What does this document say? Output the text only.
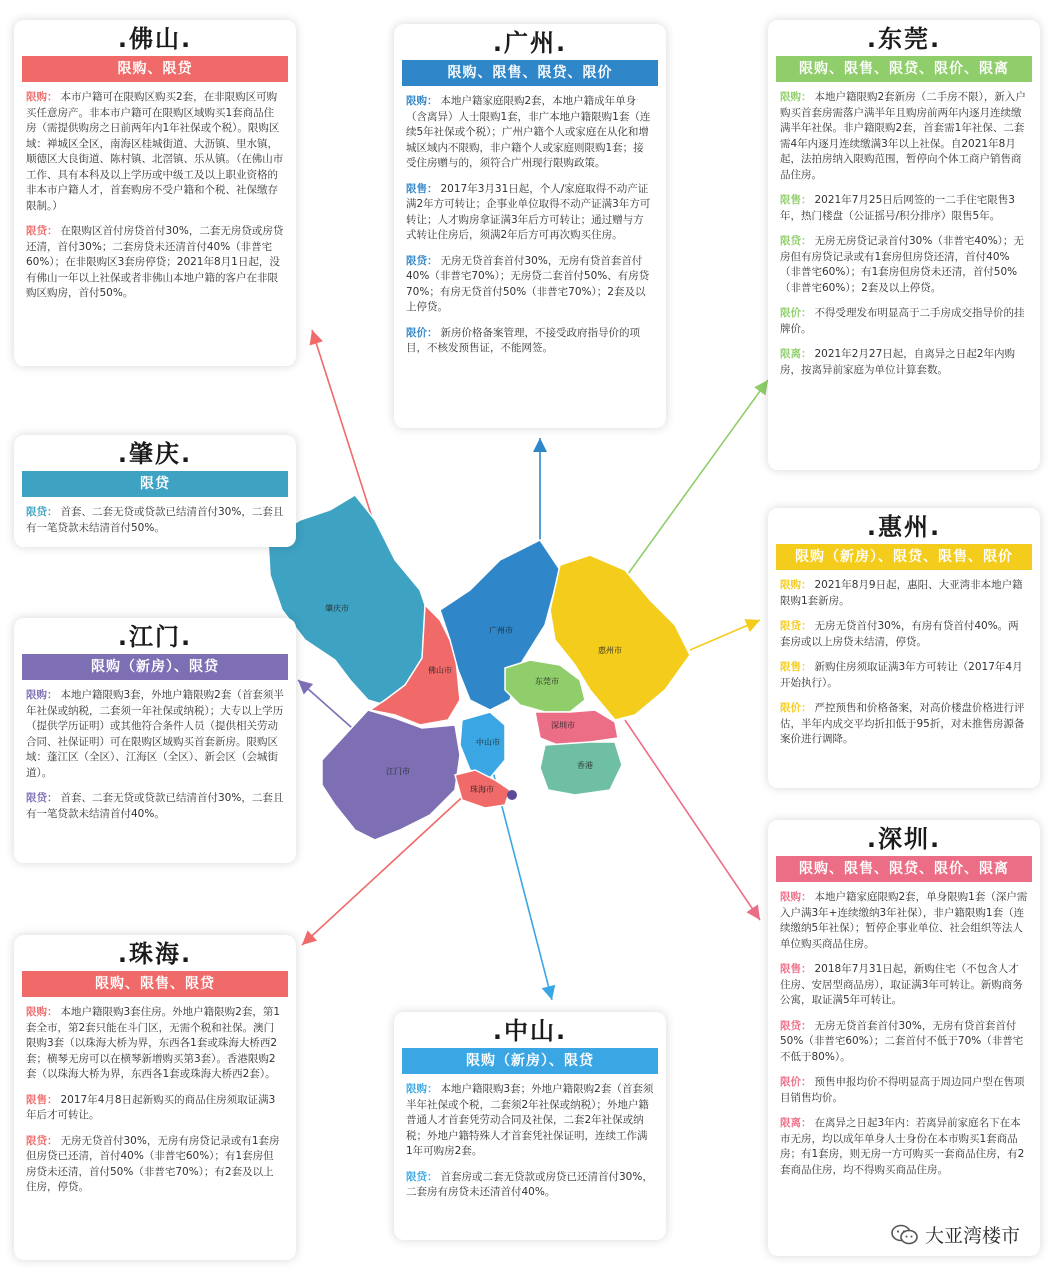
肇庆市
广州市
佛山市
惠州市
东莞市
深圳市
香港
中山市
江门市
珠海市
.佛山.
限购、限贷
限购： 本市户籍可在限购区购买2套，在非限购区可购买任意房产。非本市户籍可在限购区域购买1套商品住房（需提供购房之日前两年内1年社保或个税）。限购区域：禅城区全区，南海区桂城街道、大沥镇、里水镇，顺德区大良街道、陈村镇、北滘镇、乐从镇。（在佛山市工作、具有本科及以上学历或中级工及以上职业资格的非本市户籍人才，首套购房不受户籍和个税、社保缴存限制。）
限贷： 在限购区首付房贷首付30%，二套无房贷或房贷还清，首付30%；二套房贷未还清首付40%（非普宅60%）；在非限购区3套房停贷；2021年8月1日起，没有佛山一年以上社保或者非佛山本地户籍的客户在非限购区购房，首付50%。
.广州.
限购、限售、限贷、限价
限购： 本地户籍家庭限购2套，本地户籍成年单身（含离异）人士限购1套，非广本地户籍限购1套（连续5年社保或个税）；广州户籍个人或家庭在从化和增城区域内不限购，非户籍个人或家庭则限购1套；接受住房赠与的，须符合广州现行限购政策。
限售： 2017年3月31日起，个人/家庭取得不动产证满2年方可转让；企事业单位取得不动产证满3年方可转让；人才购房拿证满3年后方可转让；通过赠与方式转让住房后，须满2年后方可再次购买住房。
限贷： 无房无贷首套首付30%，无房有贷首套首付40%（非普宅70%）；无房贷二套首付50%、有房贷70%；有房无贷首付50%（非普宅70%）；2套及以上停贷。
限价： 新房价格备案管理，不接受政府指导价的项目，不核发预售证，不能网签。
.东莞.
限购、限售、限贷、限价、限离
限购： 本地户籍限购2套新房（二手房不限），新入户购买首套房需落户满半年且购房前两年内逐月连续缴满半年社保。非户籍限购2套，首套需1年社保、二套需4年内逐月连续缴满3年以上社保。自2021年8月起，法拍房纳入限购范围，暂停向个体工商户销售商品住房。
限售： 2021年7月25日后网签的一二手住宅限售3年，热门楼盘（公证摇号/积分排序）限售5年。
限贷： 无房无房贷记录首付30%（非普宅40%）；无房但有房贷记录或有1套房但房贷还清，首付40%（非普宅60%）；有1套房但房贷未还清，首付50%（非普宅60%）；2套及以上停贷。
限价： 不得受理发布明显高于二手房成交指导价的挂牌价。
限离： 2021年2月27日起，自离异之日起2年内购房，按离异前家庭为单位计算套数。
.肇庆.
限贷
限贷： 首套、二套无贷或贷款已结清首付30%，二套且有一笔贷款未结清首付50%。	.惠州.
限购（新房）、限贷、限售、限价
限购： 2021年8月9日起，惠阳、大亚湾非本地户籍限购1套新房。
限贷： 无房无贷首付30%，有房有贷首付40%。两套房或以上房贷未结清，停贷。
限售： 新购住房须取证满3年方可转让（2017年4月开始执行）。
限价： 严控预售和价格备案，对高价楼盘价格进行评估，半年内成交平均折扣低于95折，对未推售房源备案价进行调降。
.江门.
限购（新房）、限贷
限购： 本地户籍限购3套，外地户籍限购2套（首套须半年社保或纳税，二套须一年社保或纳税）；大专以上学历（提供学历证明）或其他符合条件人员（提供相关劳动合同、社保证明）可在限购区域购买首套新房。限购区域：蓬江区（全区）、江海区（全区）、新会区（会城街道）。
限贷： 首套、二套无贷或贷款已结清首付30%，二套且有一笔贷款未结清首付40%。
.深圳.
限购、限售、限贷、限价、限离
限购： 本地户籍家庭限购2套，单身限购1套（深户需入户满3年+连续缴纳3年社保），非户籍限购1套（连续缴纳5年社保）；暂停企事业单位、社会组织等法人单位购买商品住房。
限售： 2018年7月31日起，新购住宅（不包含人才住房、安居型商品房），取证满3年可转让。新购商务公寓，取证满5年可转让。
限贷： 无房无贷首套首付30%，无房有贷首套首付50%（非普宅60%）；二套首付不低于70%（非普宅不低于80%）。
限价： 预售申报均价不得明显高于周边同户型在售项目销售均价。
限离： 在离异之日起3年内：若离异前家庭名下在本市无房，均以成年单身人士身份在本市购买1套商品房；有1套房，则无房一方可购买一套商品住房，有2套商品住房，均不得购买商品住房。
.珠海.
限购、限售、限贷
限购： 本地户籍限购3套住房。外地户籍限购2套，第1套全市，第2套只能在斗门区，无需个税和社保。澳门限购3套（以珠海大桥为界，东西各1套或珠海大桥西2套；横琴无房可以在横琴新增购买第3套）。香港限购2套（以珠海大桥为界，东西各1套或珠海大桥西2套）。
限售： 2017年4月8日起新购买的商品住房须取证满3年后才可转让。
限贷： 无房无贷首付30%，无房有房贷记录或有1套房但房贷已还清，首付40%（非普宅60%）；有1套房但房贷未还清，首付50%（非普宅70%）；有2套及以上住房，停贷。
.中山.
限购（新房）、限贷
限购： 本地户籍限购3套；外地户籍限购2套（首套须半年社保或个税，二套须2年社保或纳税）；外地户籍普通人才首套凭劳动合同及社保，二套2年社保或纳税；外地户籍特殊人才首套凭社保证明，连续工作满1年可购房2套。
限贷： 首套房或二套无贷款或房贷已还清首付30%，二套房有房贷未还清首付40%。
大亚湾楼市
